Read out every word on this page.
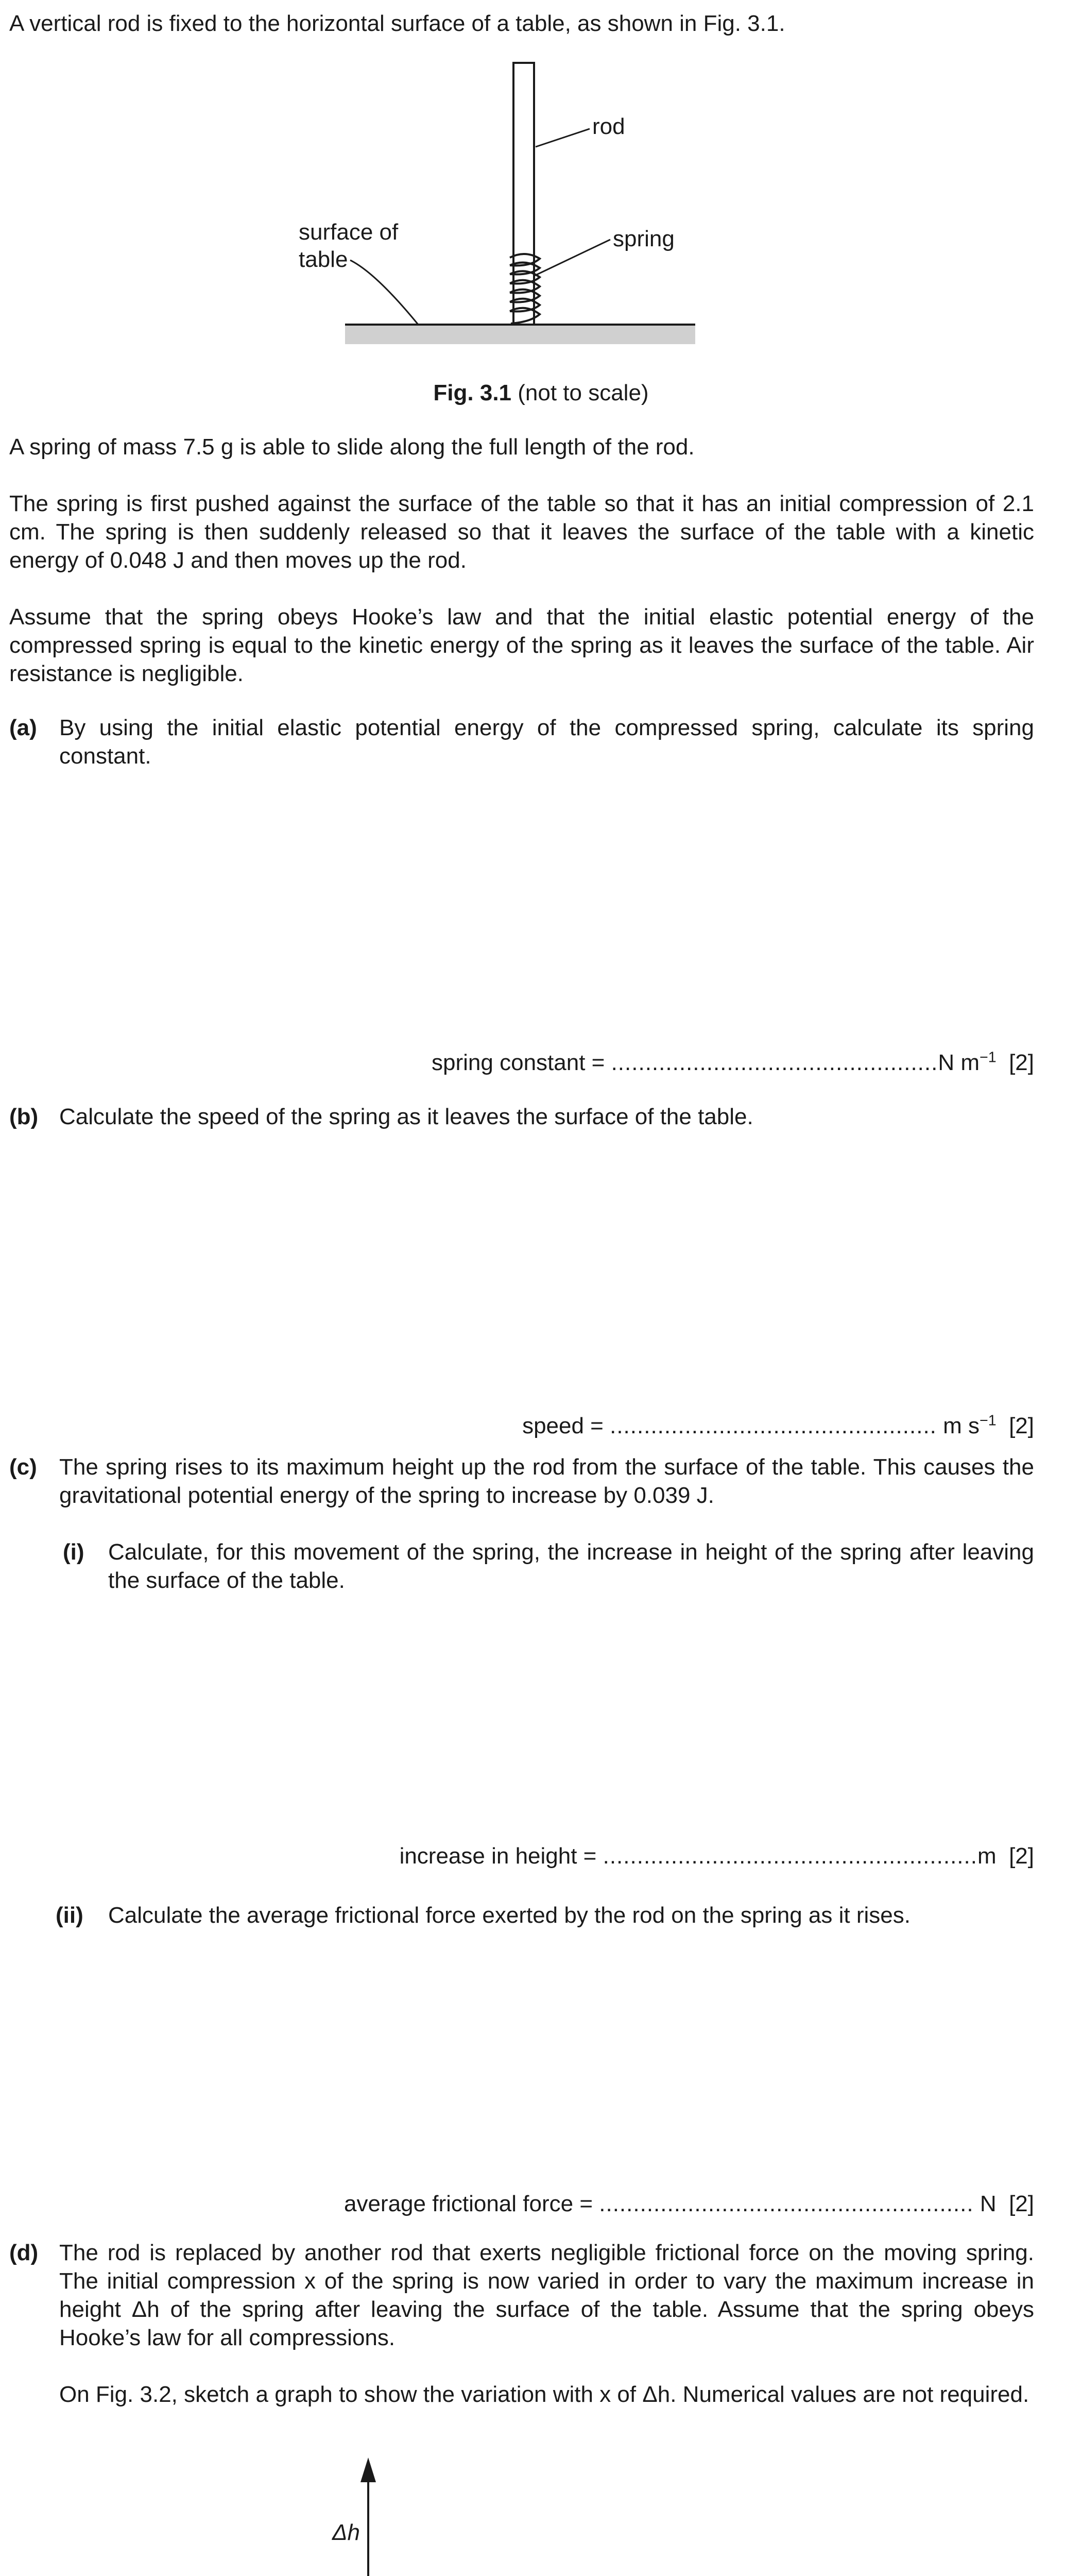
A vertical rod is fixed to the horizontal surface of a table, as shown in Fig. 3.1.
rod
spring
surface of
table
Fig. 3.1 (not to scale)
A spring of mass 7.5 g is able to slide along the full length of the rod.
The spring is first pushed against the surface of the table so that it has an initial compression of 2.1 cm. The spring is then suddenly released so that it leaves the surface of the table with a kinetic energy of 0.048 J and then moves up the rod.
Assume that the spring obeys Hooke’s law and that the initial elastic potential energy of the compressed spring is equal to the kinetic energy of the spring as it leaves the surface of the table. Air resistance is negligible.
(a) By using the initial elastic potential energy of the compressed spring, calculate its spring constant.
spring constant = ................................................N $m^{-1}$ [2]
(b) Calculate the speed of the spring as it leaves the surface of the table.
speed = ................................................ m $s^{-1}$ [2]
(c) The spring rises to its maximum height up the rod from the surface of the table. This causes the gravitational potential energy of the spring to increase by 0.039 J.
(i) Calculate, for this movement of the spring, the increase in height of the spring after leaving the surface of the table.
increase in height = .......................................................m [2]
(ii) Calculate the average frictional force exerted by the rod on the spring as it rises.
average frictional force = ....................................................... N [2]
(d) The rod is replaced by another rod that exerts negligible frictional force on the moving spring. The initial compression x of the spring is now varied in order to vary the maximum increase in height Δh of the spring after leaving the surface of the table. Assume that the spring obeys Hooke’s law for all compressions.
On Fig. 3.2, sketch a graph to show the variation with x of Δh. Numerical values are not required.
Δh
